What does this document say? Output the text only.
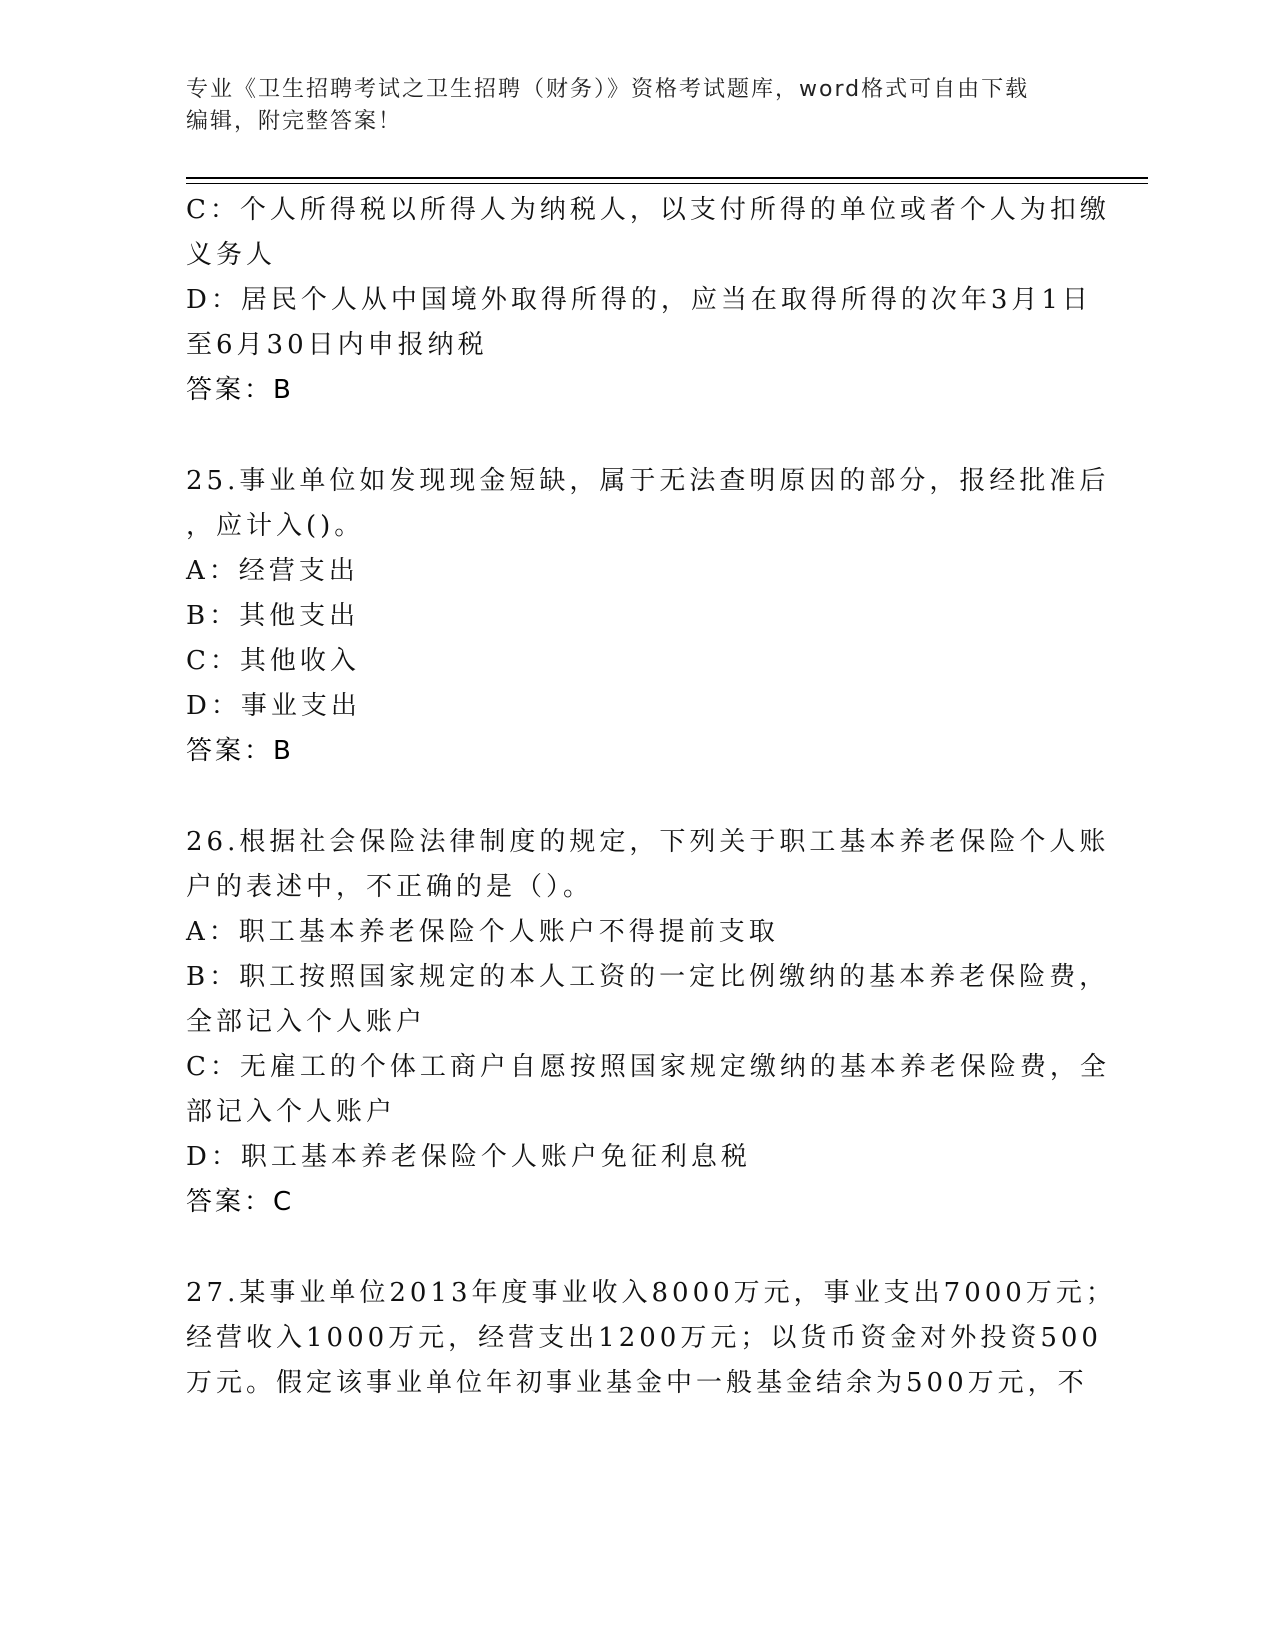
专业《卫生招聘考试之卫生招聘（财务）》资格考试题库，word格式可自由下载
编辑，附完整答案！

C：个人所得税以所得人为纳税人，以支付所得的单位或者个人为扣缴

义务人

D：居民个人从中国境外取得所得的，应当在取得所得的次年3月1日

至6月30日内申报纳税

答案：B

25.事业单位如发现现金短缺，属于无法查明原因的部分，报经批准后

，应计入()。

A：经营支出

B：其他支出

C：其他收入

D：事业支出

答案：B

26.根据社会保险法律制度的规定，下列关于职工基本养老保险个人账

户的表述中，不正确的是（）。

A：职工基本养老保险个人账户不得提前支取

B：职工按照国家规定的本人工资的一定比例缴纳的基本养老保险费，

全部记入个人账户

C：无雇工的个体工商户自愿按照国家规定缴纳的基本养老保险费，全

部记入个人账户

D：职工基本养老保险个人账户免征利息税

答案：C

27.某事业单位2013年度事业收入8000万元，事业支出7000万元；

经营收入1000万元，经营支出1200万元；以货币资金对外投资500

万元。假定该事业单位年初事业基金中一般基金结余为500万元，不
